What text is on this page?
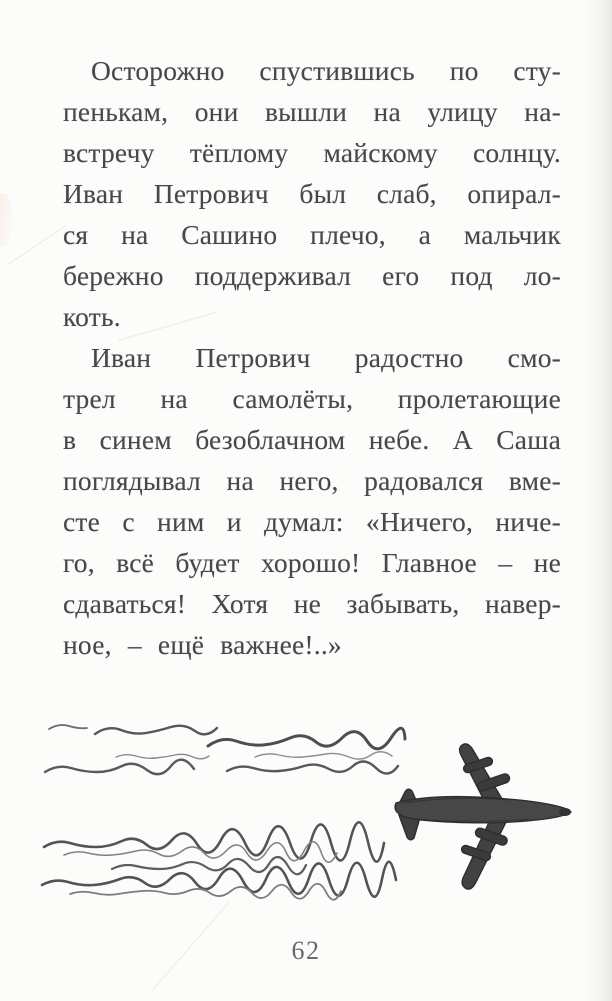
Осторожно спустившись по сту-
пенькам, они вышли на улицу на-
встречу тёплому майскому солнцу.
Иван Петрович был слаб, опирал-
ся на Сашино плечо, а мальчик
бережно поддерживал его под ло-
коть.
Иван Петрович радостно смо-
трел на самолёты, пролетающие
в синем безоблачном небе. А Саша
поглядывал на него, радовался вме-
сте с ним и думал: «Ничего, ниче-
го, всё будет хорошо! Главное – не
сдаваться! Хотя не забывать, навер-
ное, – ещё важнее!..»
62
